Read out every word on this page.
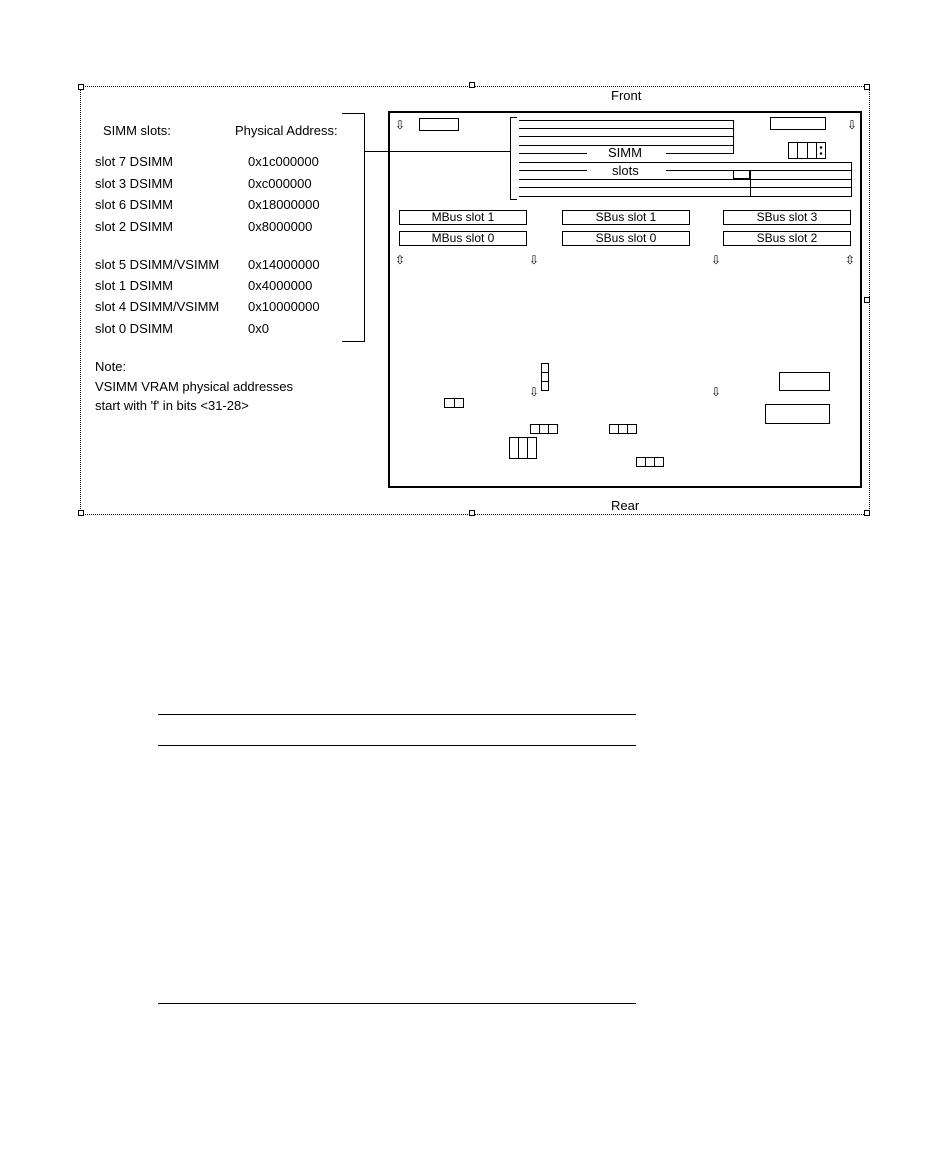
Front
Rear
SIMM slots:	Physical Address:
slot 7 DSIMM	0x1c000000
slot 3 DSIMM	0xc000000
slot 6 DSIMM	0x18000000
slot 2 DSIMM	0x8000000
slot 5 DSIMM/VSIMM 0x14000000
slot 1 DSIMM	0x4000000
slot 4 DSIMM/VSIMM 0x10000000
slot 0 DSIMM	0x0
Note:
VSIMM VRAM physical addresses
start with 'f' in bits <31-28>
SIMM
slots
⇩	⇩
⇳	⇩	⇩	⇳
⇩	⇩
MBus slot 1	SBus slot 1	SBus slot 3
MBus slot 0	SBus slot 0	SBus slot 2
